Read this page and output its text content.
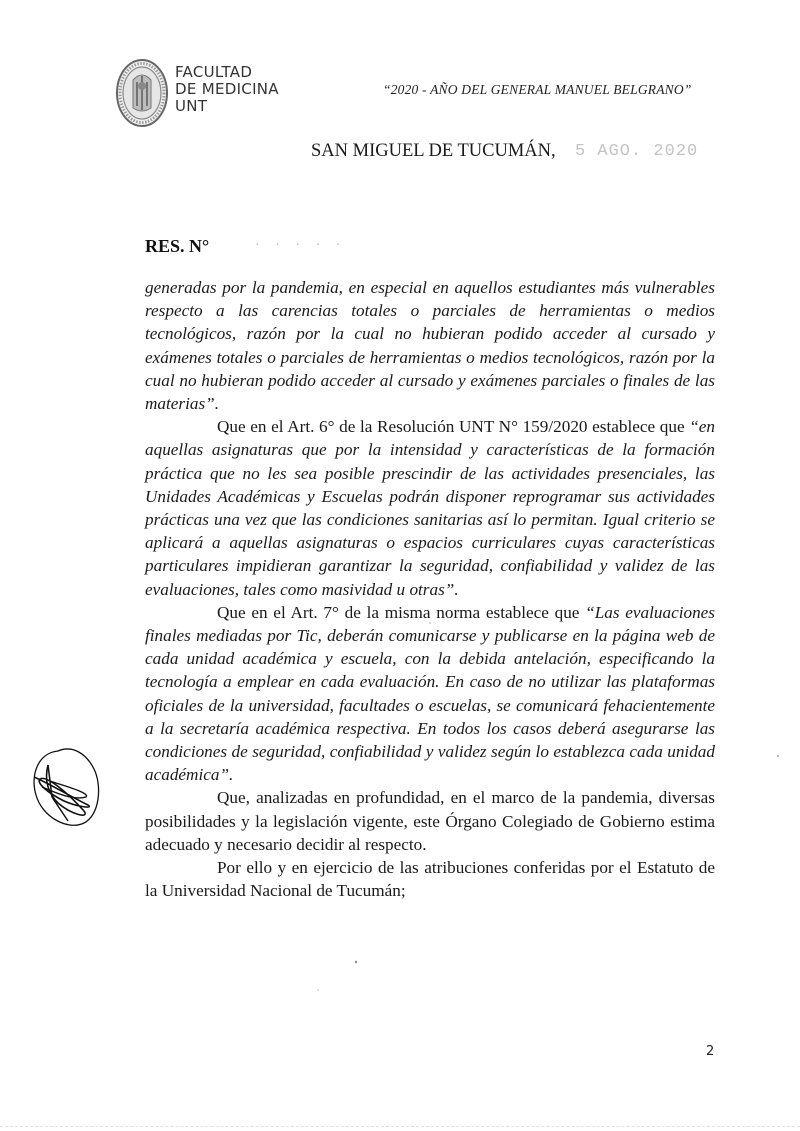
FACULTAD
DE MEDICINA
UNT
“2020 - AÑO DEL GENERAL MANUEL BELGRANO”
SAN MIGUEL DE TUCUMÁN, 5 AGO. 2020
RES. N°	· · · · ·

generadas por la pandemia, en especial en aquellos estudiantes más vulnerables respecto a las carencias totales o parciales de herramientas o medios tecnológicos, razón por la cual no hubieran podido acceder al cursado y exámenes totales o parciales de herramientas o medios tecnológicos, razón por la cual no hubieran podido acceder al cursado y exámenes parciales o finales de las materias”.

Que en el Art. 6° de la Resolución UNT N° 159/2020 establece que “en aquellas asignaturas que por la intensidad y características de la formación práctica que no les sea posible prescindir de las actividades presenciales, las Unidades Académicas y Escuelas podrán disponer reprogramar sus actividades prácticas una vez que las condiciones sanitarias así lo permitan. Igual criterio se aplicará a aquellas asignaturas o espacios curriculares cuyas características particulares impidieran garantizar la seguridad, confiabilidad y validez de las evaluaciones, tales como masividad u otras”.

Que en el Art. 7° de la misma norma establece que “Las evaluaciones finales mediadas por Tic, deberán comunicarse y publicarse en la página web de cada unidad académica y escuela, con la debida antelación, especificando la tecnología a emplear en cada evaluación. En caso de no utilizar las plataformas oficiales de la universidad, facultades o escuelas, se comunicará fehacientemente a la secretaría académica respectiva. En todos los casos deberá asegurarse las condiciones de seguridad, confiabilidad y validez según lo establezca cada unidad académica”.

Que, analizadas en profundidad, en el marco de la pandemia, diversas posibilidades y la legislación vigente, este Órgano Colegiado de Gobierno estima adecuado y necesario decidir al respecto.

Por ello y en ejercicio de las atribuciones conferidas por el Estatuto de la Universidad Nacional de Tucumán;

2
